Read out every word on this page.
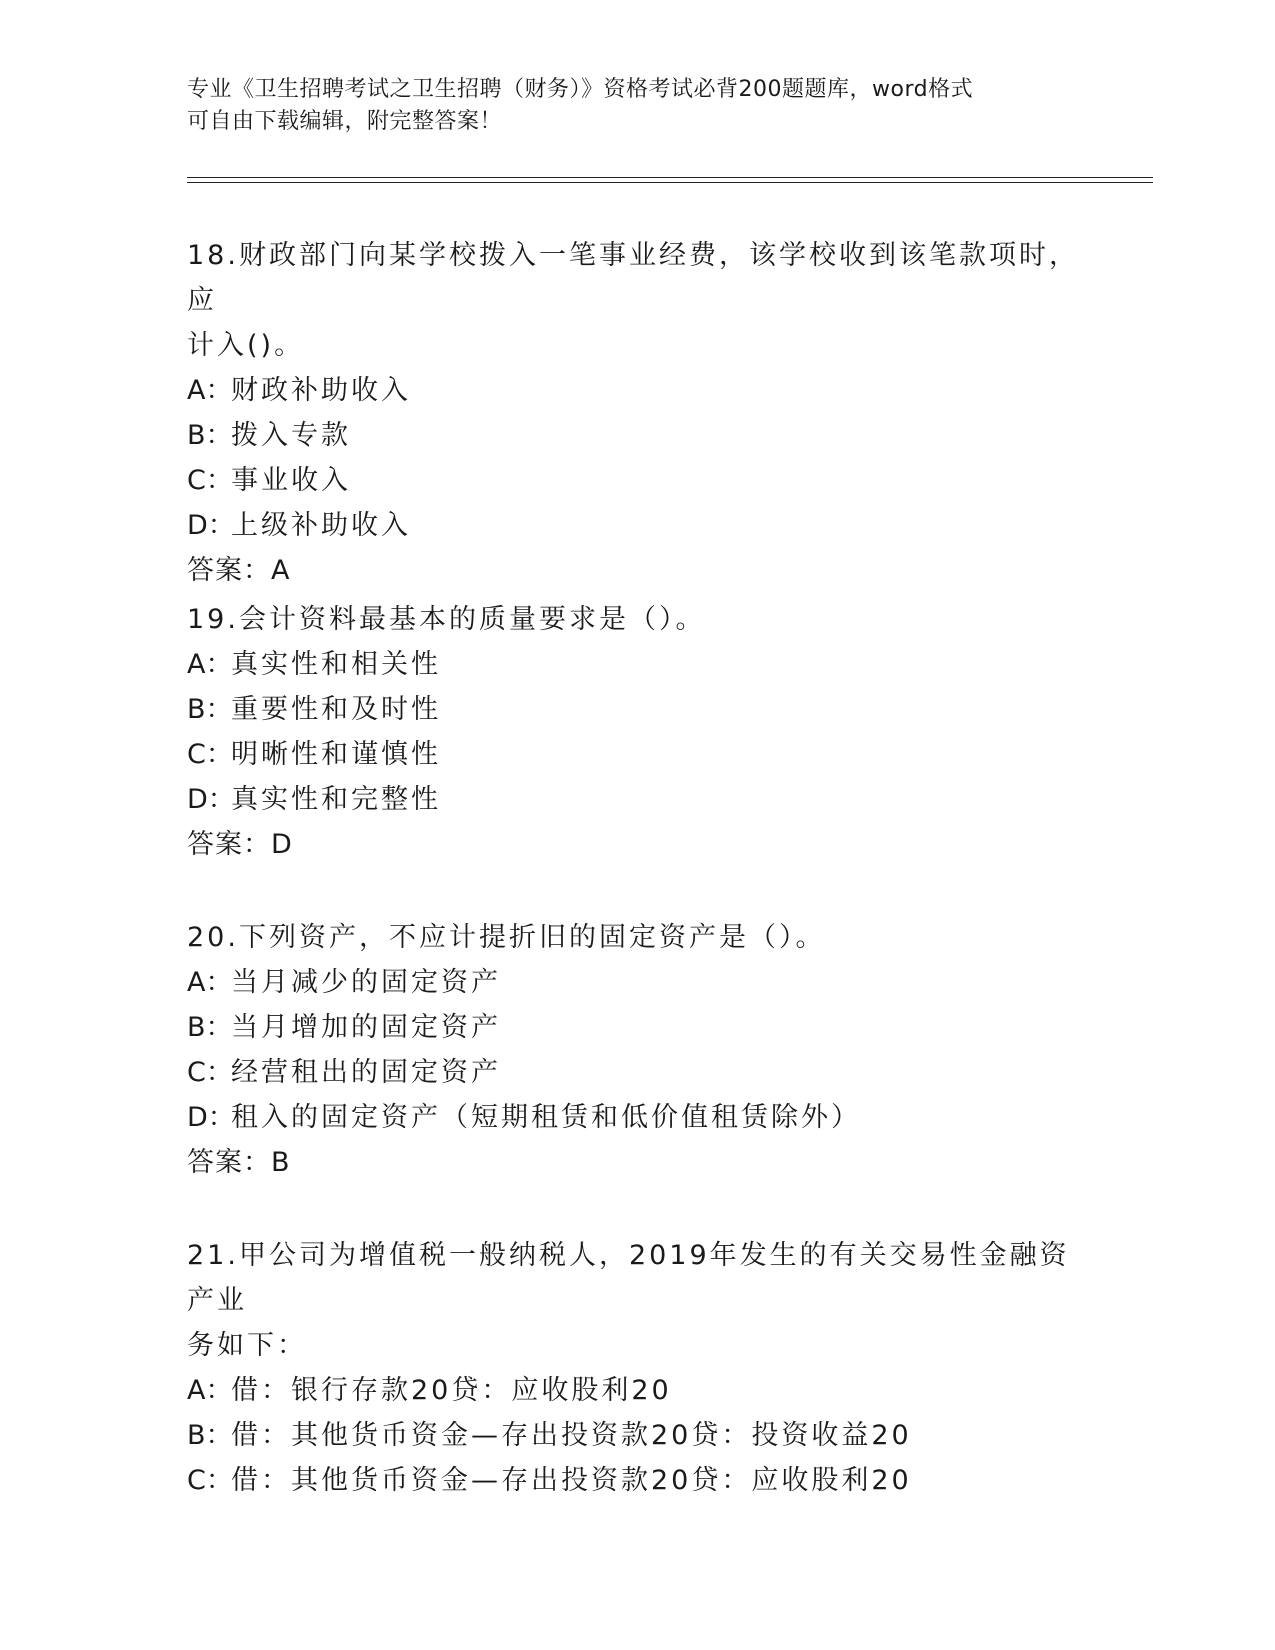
专业《卫生招聘考试之卫生招聘（财务）》资格考试必背200题题库，word格式
可自由下载编辑，附完整答案！
18.财政部门向某学校拨入一笔事业经费，该学校收到该笔款项时，应
计入()。
A：财政补助收入
B：拨入专款
C：事业收入
D：上级补助收入
答案：A
19.会计资料最基本的质量要求是（）。
A：真实性和相关性
B：重要性和及时性
C：明晰性和谨慎性
D：真实性和完整性
答案：D
20.下列资产，不应计提折旧的固定资产是（）。
A：当月减少的固定资产
B：当月增加的固定资产
C：经营租出的固定资产
D：租入的固定资产（短期租赁和低价值租赁除外）
答案：B
21.甲公司为增值税一般纳税人，2019年发生的有关交易性金融资产业
务如下：
A：借：银行存款20贷：应收股利20
B：借：其他货币资金—存出投资款20贷：投资收益20
C：借：其他货币资金—存出投资款20贷：应收股利20
